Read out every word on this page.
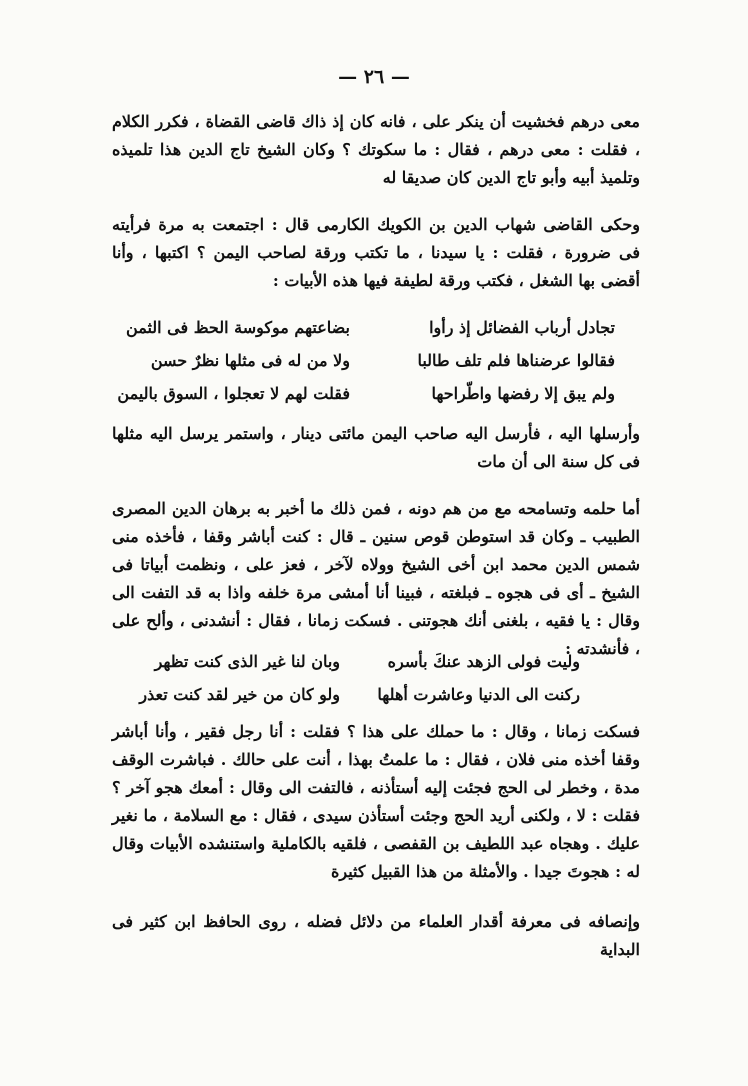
— ٢٦ —
معى درهم فخشيت أن ينكر على ، فانه كان إذ ذاك قاضى القضاة ، فكرر الكلام ، فقلت : معى درهم ، فقال : ما سكوتك ؟ وكان الشيخ تاج الدين هذا تلميذه وتلميذ أبيه وأبو تاج الدين كان صديقا له
وحكى القاضى شهاب الدين بن الكويك الكارمى قال : اجتمعت به مرة فرأيته فى ضرورة ، فقلت : يا سيدنا ، ما تكتب ورقة لصاحب اليمن ؟ اكتبها ، وأنا أقضى بها الشغل ، فكتب ورقة لطيفة فيها هذه الأبيات :
تجادل أرباب الفضائل إذ رأوا
بضاعتهم موكوسة الحظ فى الثمن
فقالوا عرضناها فلم تلف طالبا
ولا من له فى مثلها نظرٌ حسن
ولم يبق إلا رفضها واطّراحها
فقلت لهم لا تعجلوا ، السوق باليمن
وأرسلها اليه ، فأرسل اليه صاحب اليمن مائتى دينار ، واستمر يرسل اليه مثلها فى كل سنة الى أن مات
أما حلمه وتسامحه مع من هم دونه ، فمن ذلك ما أخبر به برهان الدين المصرى الطبيب ـ وكان قد استوطن قوص سنين ـ قال : كنت أباشر وقفا ، فأخذه منى شمس الدين محمد ابن أخى الشيخ وولاه لآخر ، فعز على ، ونظمت أبياتا فى الشيخ ـ أى فى هجوه ـ فبلغته ، فبينا أنا أمشى مرة خلفه واذا به قد التفت الى وقال : يا فقيه ، بلغنى أنك هجوتنى . فسكت زمانا ، فقال : أنشدنى ، وألح على ، فأنشدته :
وليت فولى الزهد عنكَ بأسره
وبان لنا غير الذى كنت تظهر
ركنت الى الدنيا وعاشرت أهلها
ولو كان من خير لقد كنت تعذر
فسكت زمانا ، وقال : ما حملك على هذا ؟ فقلت : أنا رجل فقير ، وأنا أباشر وقفا أخذه منى فلان ، فقال : ما علمتُ بهذا ، أنت على حالك . فباشرت الوقف مدة ، وخطر لى الحج فجئت إليه أستأذنه ، فالتفت الى وقال : أمعك هجو آخر ؟ فقلت : لا ، ولكنى أريد الحج وجئت أستأذن سيدى ، فقال : مع السلامة ، ما نغير عليك . وهجاه عبد اللطيف بن القفصى ، فلقيه بالكاملية واستنشده الأبيات وقال له : هجوتَ جيدا . والأمثلة من هذا القبيل كثيرة
وإنصافه فى معرفة أقدار العلماء من دلائل فضله ، روى الحافظ ابن كثير فى البداية
